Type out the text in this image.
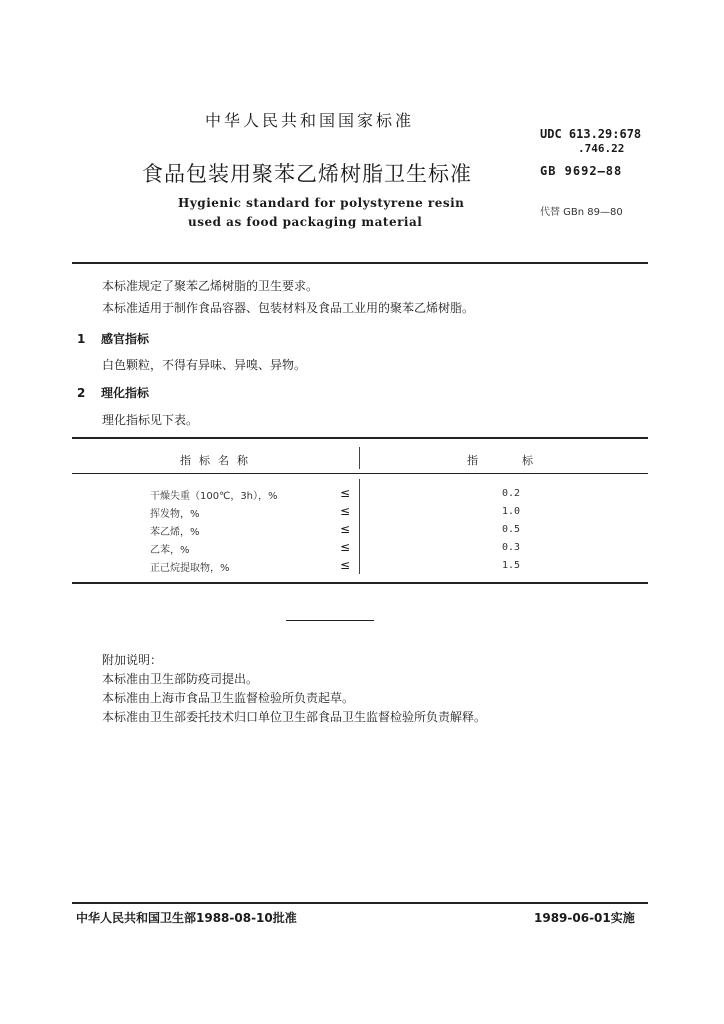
中华人民共和国国家标准
食品包装用聚苯乙烯树脂卫生标准
Hygienic standard for polystyrene resin
used as food packaging material
UDC 613.29:678
.746.22
GB 9692—88
代替 GBn 89—80
本标准规定了聚苯乙烯树脂的卫生要求。
本标准适用于制作食品容器、包装材料及食品工业用的聚苯乙烯树脂。
1 感官指标
白色颗粒，不得有异味、异嗅、异物。
2 理化指标
理化指标见下表。
指标名称	指标
干燥失重（100℃，3h），%	≤	0.2
挥发物，%	≤	1.0
苯乙烯，%	≤	0.5
乙苯，%	≤	0.3
正己烷提取物，%	≤	1.5
附加说明：
本标准由卫生部防疫司提出。
本标准由上海市食品卫生监督检验所负责起草。
本标准由卫生部委托技术归口单位卫生部食品卫生监督检验所负责解释。
中华人民共和国卫生部1988-08-10批准	1989-06-01实施
